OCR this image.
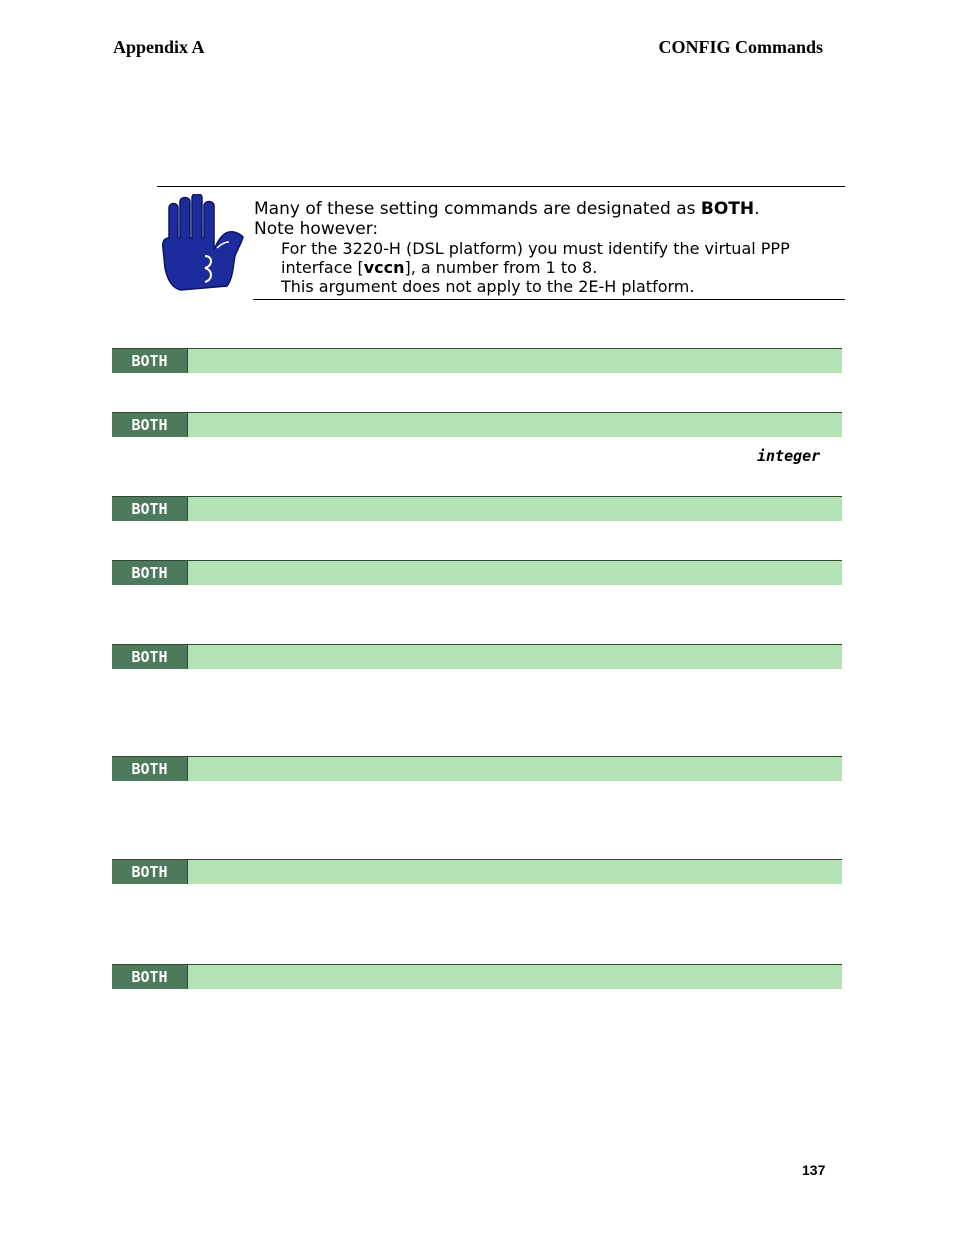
Appendix A	CONFIG Commands
Many of these setting commands are designated as BOTH.
Note however:
For the 3220-H (DSL platform) you must identify the virtual PPP
interface [vccn], a number from 1 to 8.
This argument does not apply to the 2E-H platform.
BOTH
BOTH
integer
BOTH
BOTH
BOTH
BOTH
BOTH
BOTH
137
